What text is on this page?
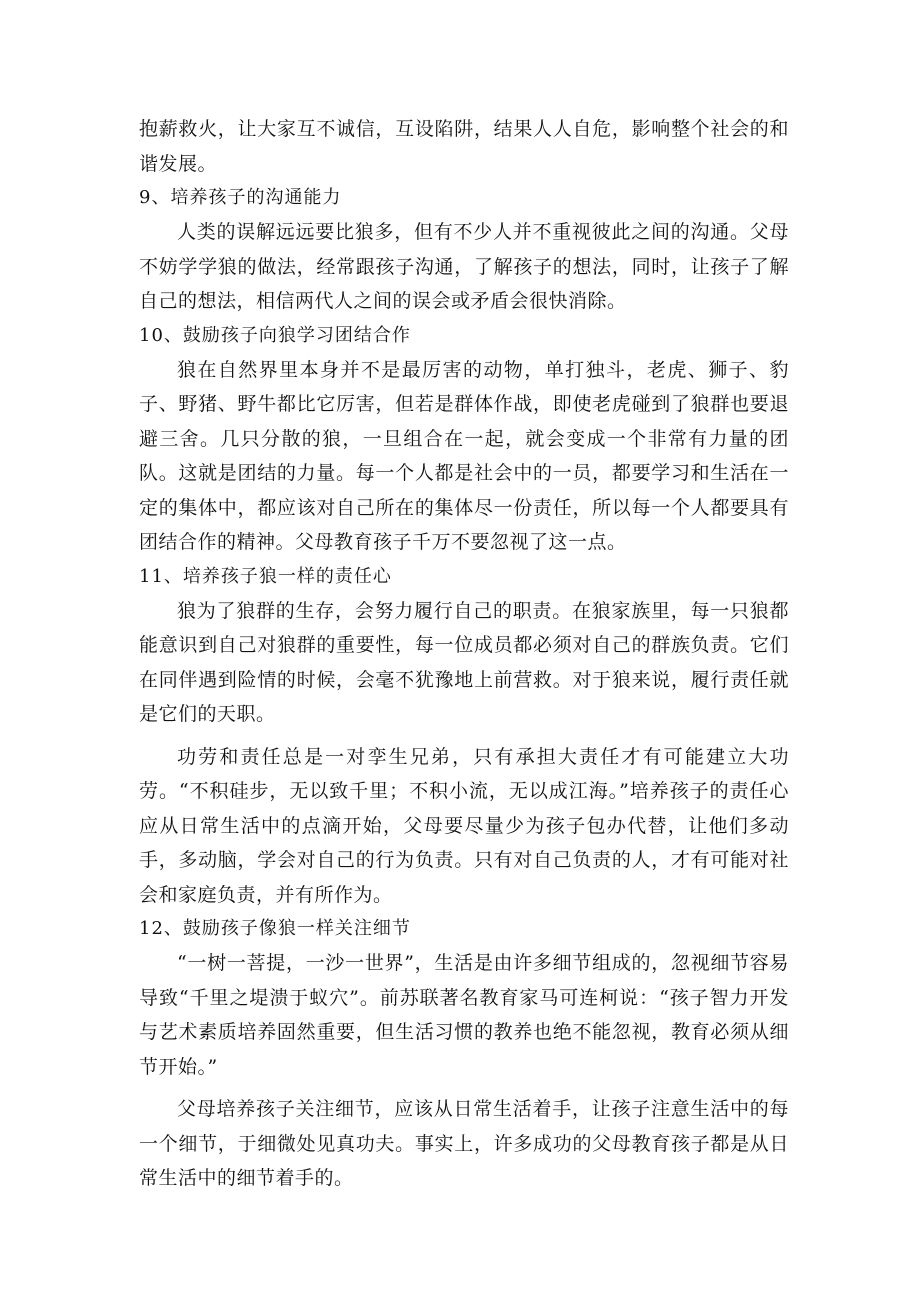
抱薪救火，让大家互不诚信，互设陷阱，结果人人自危，影响整个社会的和谐发展。

9、培养孩子的沟通能力

人类的误解远远要比狼多，但有不少人并不重视彼此之间的沟通。父母不妨学学狼的做法，经常跟孩子沟通，了解孩子的想法，同时，让孩子了解自己的想法，相信两代人之间的误会或矛盾会很快消除。

10、鼓励孩子向狼学习团结合作

狼在自然界里本身并不是最厉害的动物，单打独斗，老虎、狮子、豹子、野猪、野牛都比它厉害，但若是群体作战，即使老虎碰到了狼群也要退避三舍。几只分散的狼，一旦组合在一起，就会变成一个非常有力量的团队。这就是团结的力量。每一个人都是社会中的一员，都要学习和生活在一定的集体中，都应该对自己所在的集体尽一份责任，所以每一个人都要具有团结合作的精神。父母教育孩子千万不要忽视了这一点。

11、培养孩子狼一样的责任心

狼为了狼群的生存，会努力履行自己的职责。在狼家族里，每一只狼都能意识到自己对狼群的重要性，每一位成员都必须对自己的群族负责。它们在同伴遇到险情的时候，会毫不犹豫地上前营救。对于狼来说，履行责任就是它们的天职。

功劳和责任总是一对孪生兄弟，只有承担大责任才有可能建立大功劳。“不积硅步，无以致千里；不积小流，无以成江海。”培养孩子的责任心应从日常生活中的点滴开始，父母要尽量少为孩子包办代替，让他们多动手，多动脑，学会对自己的行为负责。只有对自己负责的人，才有可能对社会和家庭负责，并有所作为。

12、鼓励孩子像狼一样关注细节

“一树一菩提，一沙一世界”，生活是由许多细节组成的，忽视细节容易导致“千里之堤溃于蚁穴”。前苏联著名教育家马可连柯说：“孩子智力开发与艺术素质培养固然重要，但生活习惯的教养也绝不能忽视，教育必须从细节开始。”

父母培养孩子关注细节，应该从日常生活着手，让孩子注意生活中的每一个细节，于细微处见真功夫。事实上，许多成功的父母教育孩子都是从日常生活中的细节着手的。
